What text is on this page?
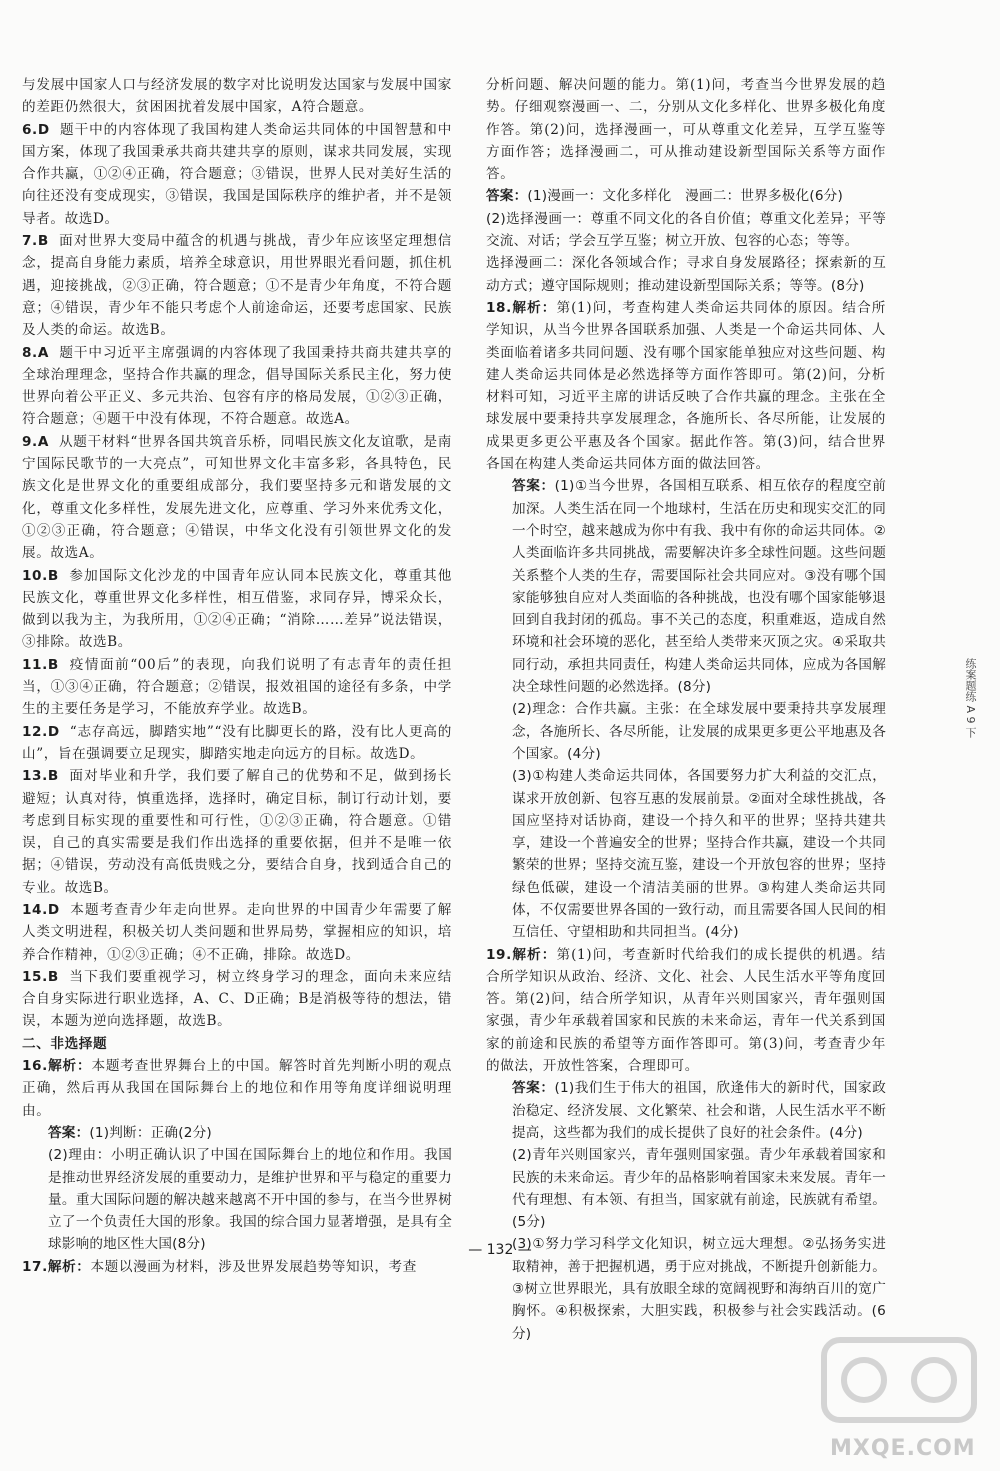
与发展中国家人口与经济发展的数字对比说明发达国家与发展中国家的差距仍然很大，贫困困扰着发展中国家，A符合题意。

6.D 题干中的内容体现了我国构建人类命运共同体的中国智慧和中国方案，体现了我国秉承共商共建共享的原则，谋求共同发展，实现合作共赢，①②④正确，符合题意；③错误，世界人民对美好生活的向往还没有变成现实，③错误，我国是国际秩序的维护者，并不是领导者。故选D。

7.B 面对世界大变局中蕴含的机遇与挑战，青少年应该坚定理想信念，提高自身能力素质，培养全球意识，用世界眼光看问题，抓住机遇，迎接挑战，②③正确，符合题意；①不是青少年角度，不符合题意；④错误，青少年不能只考虑个人前途命运，还要考虑国家、民族及人类的命运。故选B。

8.A 题干中习近平主席强调的内容体现了我国秉持共商共建共享的全球治理理念，坚持合作共赢的理念，倡导国际关系民主化，努力使世界向着公平正义、多元共治、包容有序的格局发展，①②③正确，符合题意；④题干中没有体现，不符合题意。故选A。

9.A 从题干材料“世界各国共筑音乐桥，同唱民族文化友谊歌，是南宁国际民歌节的一大亮点”，可知世界文化丰富多彩，各具特色，民族文化是世界文化的重要组成部分，我们要坚持多元和谐发展的文化，尊重文化多样性，发展先进文化，应尊重、学习外来优秀文化，①②③正确，符合题意；④错误，中华文化没有引领世界文化的发展。故选A。

10.B 参加国际文化沙龙的中国青年应认同本民族文化，尊重其他民族文化，尊重世界文化多样性，相互借鉴，求同存异，博采众长，做到以我为主，为我所用，①②④正确；“消除……差异”说法错误，③排除。故选B。

11.B 疫情面前“00后”的表现，向我们说明了有志青年的责任担当，①③④正确，符合题意；②错误，报效祖国的途径有多条，中学生的主要任务是学习，不能放弃学业。故选B。

12.D “志存高远，脚踏实地”“没有比脚更长的路，没有比人更高的山”，旨在强调要立足现实，脚踏实地走向远方的目标。故选D。

13.B 面对毕业和升学，我们要了解自己的优势和不足，做到扬长避短；认真对待，慎重选择，选择时，确定目标，制订行动计划，要考虑到目标实现的重要性和可行性，①②③正确，符合题意。①错误，自己的真实需要是我们作出选择的重要依据，但并不是唯一依据；④错误，劳动没有高低贵贱之分，要结合自身，找到适合自己的专业。故选B。

14.D 本题考查青少年走向世界。走向世界的中国青少年需要了解人类文明进程，积极关切人类问题和世界局势，掌握相应的知识，培养合作精神，①②③正确；④不正确，排除。故选D。

15.B 当下我们要重视学习，树立终身学习的理念，面向未来应结合自身实际进行职业选择，A、C、D正确；B是消极等待的想法，错误，本题为逆向选择题，故选B。

二、非选择题

16.解析：本题考查世界舞台上的中国。解答时首先判断小明的观点正确，然后再从我国在国际舞台上的地位和作用等角度详细说明理由。

答案：(1)判断：正确(2分)

(2)理由：小明正确认识了中国在国际舞台上的地位和作用。我国是推动世界经济发展的重要动力，是维护世界和平与稳定的重要力量。重大国际问题的解决越来越离不开中国的参与，在当今世界树立了一个负责任大国的形象。我国的综合国力显著增强，是具有全球影响的地区性大国(8分)

17.解析：本题以漫画为材料，涉及世界发展趋势等知识，考查

分析问题、解决问题的能力。第(1)问，考查当今世界发展的趋势。仔细观察漫画一、二，分别从文化多样化、世界多极化角度作答。第(2)问，选择漫画一，可从尊重文化差异，互学互鉴等方面作答；选择漫画二，可从推动建设新型国际关系等方面作答。

答案：(1)漫画一：文化多样化　漫画二：世界多极化(6分)

(2)选择漫画一：尊重不同文化的各自价值；尊重文化差异；平等交流、对话；学会互学互鉴；树立开放、包容的心态；等等。

选择漫画二：深化各领域合作；寻求自身发展路径；探索新的互动方式；遵守国际规则；推动建设新型国际关系；等等。(8分)

18.解析：第(1)问，考查构建人类命运共同体的原因。结合所学知识，从当今世界各国联系加强、人类是一个命运共同体、人类面临着诸多共同问题、没有哪个国家能单独应对这些问题、构建人类命运共同体是必然选择等方面作答即可。第(2)问，分析材料可知，习近平主席的讲话反映了合作共赢的理念。主张在全球发展中要秉持共享发展理念，各施所长、各尽所能，让发展的成果更多更公平惠及各个国家。据此作答。第(3)问，结合世界各国在构建人类命运共同体方面的做法回答。

答案：(1)①当今世界，各国相互联系、相互依存的程度空前加深。人类生活在同一个地球村，生活在历史和现实交汇的同一个时空，越来越成为你中有我、我中有你的命运共同体。②人类面临许多共同挑战，需要解决许多全球性问题。这些问题关系整个人类的生存，需要国际社会共同应对。③没有哪个国家能够独自应对人类面临的各种挑战，也没有哪个国家能够退回到自我封闭的孤岛。事不关己的态度，积重难返，造成自然环境和社会环境的恶化，甚至给人类带来灭顶之灾。④采取共同行动，承担共同责任，构建人类命运共同体，应成为各国解决全球性问题的必然选择。(8分)

(2)理念：合作共赢。主张：在全球发展中要秉持共享发展理念，各施所长、各尽所能，让发展的成果更多更公平地惠及各个国家。(4分)

(3)①构建人类命运共同体，各国要努力扩大利益的交汇点，谋求开放创新、包容互惠的发展前景。②面对全球性挑战，各国应坚持对话协商，建设一个持久和平的世界；坚持共建共享，建设一个普遍安全的世界；坚持合作共赢，建设一个共同繁荣的世界；坚持交流互鉴，建设一个开放包容的世界；坚持绿色低碳，建设一个清洁美丽的世界。③构建人类命运共同体，不仅需要世界各国的一致行动，而且需要各国人民间的相互信任、守望相助和共同担当。(4分)

19.解析：第(1)问，考查新时代给我们的成长提供的机遇。结合所学知识从政治、经济、文化、社会、人民生活水平等角度回答。第(2)问，结合所学知识，从青年兴则国家兴，青年强则国家强，青少年承载着国家和民族的未来命运，青年一代关系到国家的前途和民族的希望等方面作答即可。第(3)问，考查青少年的做法，开放性答案，合理即可。

答案：(1)我们生于伟大的祖国，欣逢伟大的新时代，国家政治稳定、经济发展、文化繁荣、社会和谐，人民生活水平不断提高，这些都为我们的成长提供了良好的社会条件。(4分)

(2)青年兴则国家兴，青年强则国家强。青少年承载着国家和民族的未来命运。青少年的品格影响着国家未来发展。青年一代有理想、有本领、有担当，国家就有前途，民族就有希望。(5分)

(3)①努力学习科学文化知识，树立远大理想。②弘扬务实进取精神，善于把握机遇，勇于应对挑战，不断提升创新能力。③树立世界眼光，具有放眼全球的宽阔视野和海纳百川的宽广胸怀。④积极探索，大胆实践，积极参与社会实践活动。(6分)

练案题练 A 9 下
— 132 —
MXQE.COM
